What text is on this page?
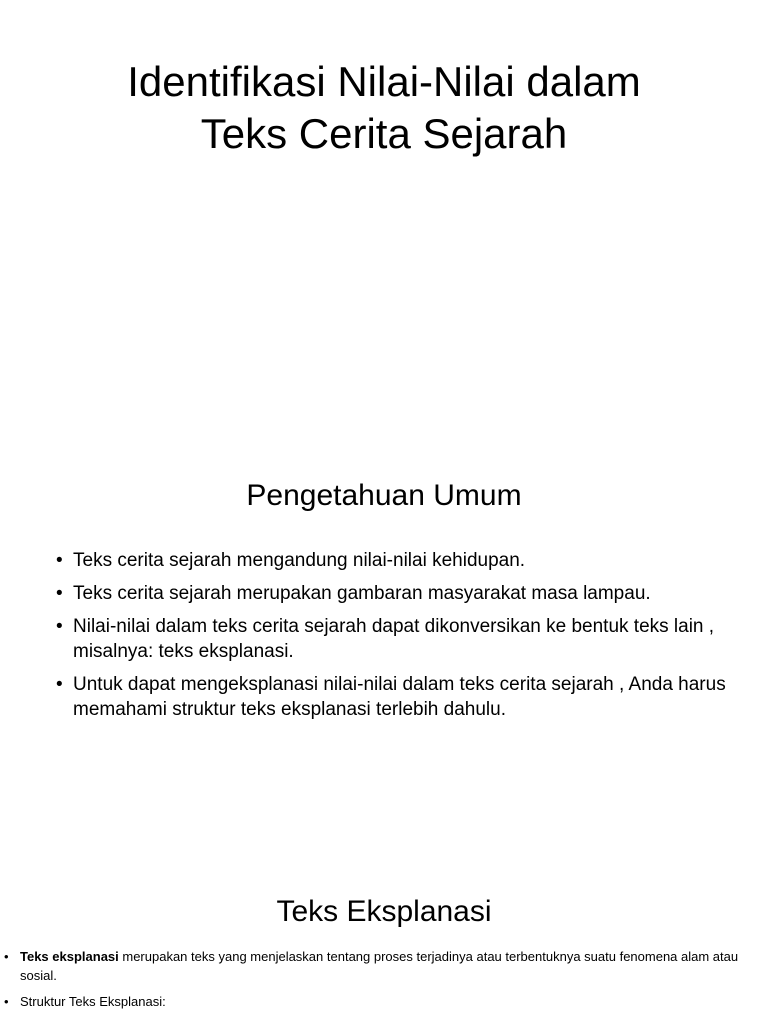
Identifikasi Nilai-Nilai dalam
Teks Cerita Sejarah
Pengetahuan Umum
• Teks cerita sejarah mengandung nilai-nilai kehidupan.
• Teks cerita sejarah merupakan gambaran masyarakat masa lampau.
• Nilai-nilai dalam teks cerita sejarah dapat dikonversikan ke bentuk teks lain , misalnya: teks eksplanasi.
• Untuk dapat mengeksplanasi nilai-nilai dalam teks cerita sejarah , Anda harus memahami struktur teks eksplanasi terlebih dahulu.
Teks Eksplanasi
• Teks eksplanasi merupakan teks yang menjelaskan tentang proses terjadinya atau terbentuknya suatu fenomena alam atau sosial.
• Struktur Teks Eksplanasi:
